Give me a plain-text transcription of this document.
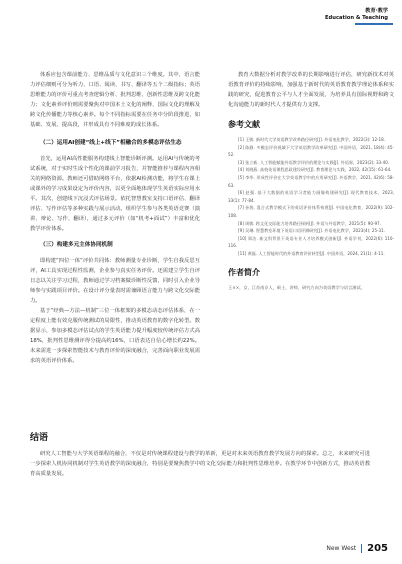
教育·教学
Education & Teaching

体系应包含课前能力、思维品质与文化意识三个维度。其中，语言能力评估细则可分为听力、口语、阅读、书写、翻译等五个二级指标；英语思维能力的评价可重点考查逻辑分析、批判思维、创新性思维及跨文化能力；文化素养评价则需要聚焦对中国本土文化的阐释、国际文化的理解及跨文化传播能力等核心素养。每个不同指标需要在任务中分阶段推进，如基础、发展、提高段，并形成具有不同难度的成长体系。

（二）运用AI创建“线上+线下”相融合的多模态评估生态

首先，运用AI高性能服务构建线上智能诊断评测。运用AI与传统的考试系统，对于实时生成个性化的课前学习报告，并智能推荐与课程内容相关的网络资源。教师还可借助网络平台，依据AI检测功能，将学生在课上或课外的学习成果设定为评价内容，以更全面地体现学生英语实际应用水平。其次，创建线下沉浸式评估场景。依托智慧教室支持口语评估、翻译评估、写作评估等多种实践与展示活动。组织学生参与各类英语竞赛（演讲、辩论、写作、翻译），通过多元评价（如“机考+面试”）丰富和优化教学评价体系。

（三）构建多元主体协同机制

即构建“四位一体”评价共同体：教师测量专业诊断，学生自我反思互评，AI工具实现过程性监测，企业参与真实任务评价。还需建立学生自评日志以关注学习过程，教师通过学习档案做诊断性反馈，同时引入企业导师参与实践项目评价。在设计评分量表时需兼顾语言能力与跨文化交际能力。

基于“经典—方法—机制”三位一体框架的多模态动态评估体系，在一定程度上能有效克服传统测试的局限性，推动英语教育的数字化转型。数据显示，参加多模态评估试点的学生英语能力提升幅度较传统评估方式高18%，批判性思维测评得分提高约16%，口语表达自信心增长约22%。未来需进一步探索智能技术与教育评价的深度融合，完善面向职业发展需求的英语评价体系。

教育大数据分析对教学改革的长期影响进行评估，研究新技术对英语教育评价的持续影响，加强基于新时代的英语教育教学理论体系和实践的研究，促进教育公平与人才全面发展，为培养具有国际视野和跨文化沟通能力的新时代人才提供有力支撑。

参考文献

[1] 王敏. 新时代大学英语教学改革路径研究[J]. 外语电化教学，2022(3): 12-18.

[2] 陈静. 多模态评价视域下大学英语教学改革研究[J]. 中国外语，2021, 18(4): 45-52.

[3] 张立新. 人工智能赋能外语教学评价的理论与实践[J]. 外语界，2023(2): 33-40.

[4] 刘晓燕. 高校英语课程思政建设研究[J]. 教育理论与实践，2022, 42(15): 61-64.

[5] 李华. 形成性评价在大学英语教学中的应用研究[J]. 外语教学，2021, 42(6): 58-63.

[6] 赵强. 基于大数据的英语学习者能力画像构建研究[J]. 现代教育技术，2023, 33(1): 77-84.

[7] 孙悦. 混合式教学模式下的英语评价体系构建[J]. 中国电化教育，2022(9): 102-108.

[8] 周敏. 跨文化交际能力培养路径探析[J]. 外语与外语教学，2021(5): 90-97.

[9] 吴琳. 智慧教室环境下英语口语评测研究[J]. 外语电化教学，2023(4): 25-31.

[10] 郑洁. 新文科背景下英语专业人才培养模式创新[J]. 外语学刊，2022(6): 110-116.

[11] 黄磊. 人工智能时代的外语教育评价转型[J]. 中国外语，2024, 21(1): 4-11.

作者简介
王××，女，江苏南京人，硕士，讲师，研究方向为英语教学与语言测试。
结语

研究人工智能与大学英语课程的融合，不仅是对传统课程建设与教学的革新，更是对未来英语教育教学发展方向的探索。总之，未来研究可进一步探索人机协同机制对学生英语教学的深度融合，特别是要聚焦教学中的文化交际能力和批判性思维培养。在教学环节中创新方式，推动英语教育高质量发展。

New West 205
